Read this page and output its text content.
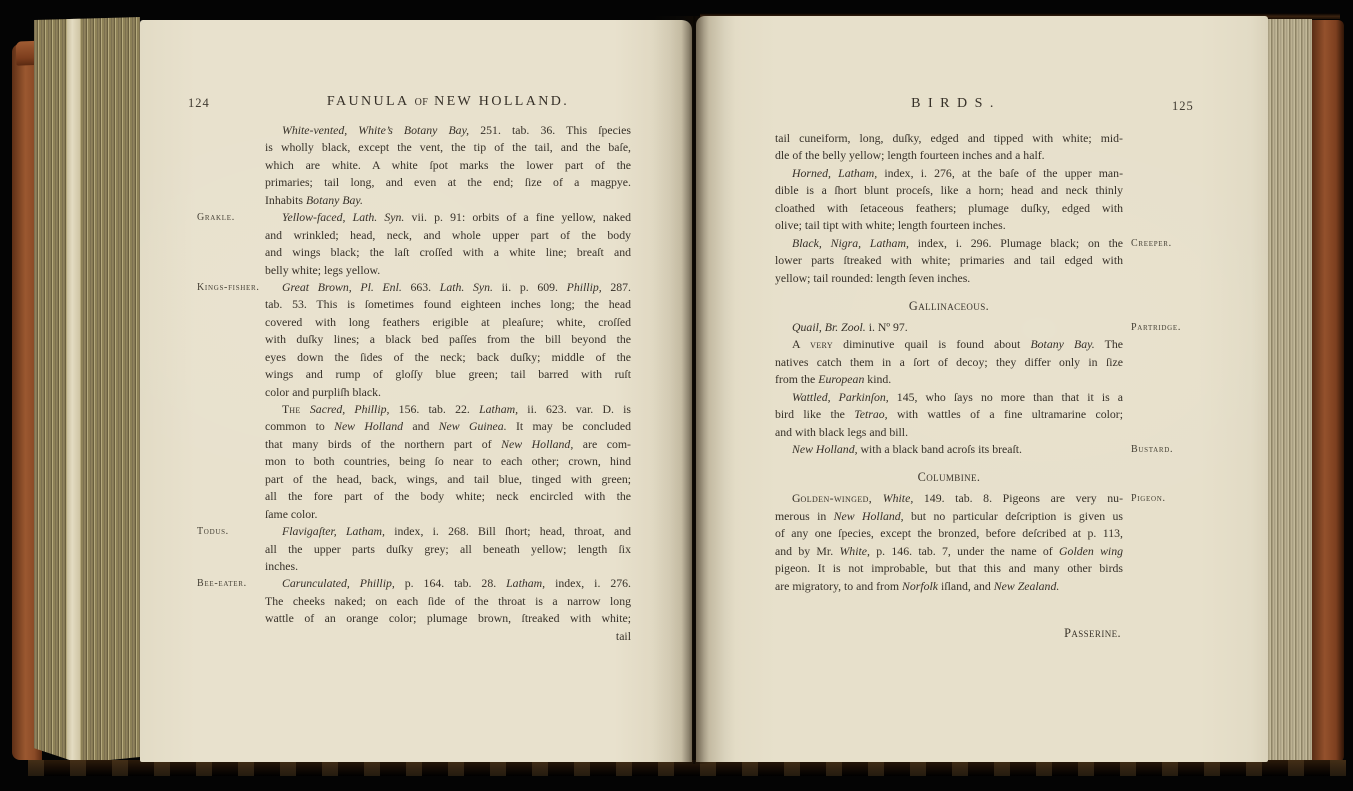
124	FAUNULA of NEW HOLLAND.
White-vented, White’s Botany Bay, 251. tab. 36. This ſpecies
is wholly black, except the vent, the tip of the tail, and the baſe,
which are white. A white ſpot marks the lower part of the
primaries; tail long, and even at the end; ſize of a magpye.
Inhabits Botany Bay.
Grakle.	Yellow-faced, Lath. Syn. vii. p. 91: orbits of a fine yellow, naked
and wrinkled; head, neck, and whole upper part of the body
and wings black; the laſt croſſed with a white line; breaſt and
belly white; legs yellow.
Kings-fisher.	Great Brown, Pl. Enl. 663. Lath. Syn. ii. p. 609. Phillip, 287.
tab. 53. This is ſometimes found eighteen inches long; the head
covered with long feathers erigible at pleaſure; white, croſſed
with duſky lines; a black bed paſſes from the bill beyond the
eyes down the ſides of the neck; back duſky; middle of the
wings and rump of gloſſy blue green; tail barred with ruſt
color and purpliſh black.
The Sacred, Phillip, 156. tab. 22. Latham, ii. 623. var. D. is
common to New Holland and New Guinea. It may be concluded
that many birds of the northern part of New Holland, are com-
mon to both countries, being ſo near to each other; crown, hind
part of the head, back, wings, and tail blue, tinged with green;
all the fore part of the body white; neck encircled with the
ſame color.
Todus.	Flavigaſter, Latham, index, i. 268. Bill ſhort; head, throat, and
all the upper parts duſky grey; all beneath yellow; length ſix
inches.
Bee-eater.	Carunculated, Phillip, p. 164. tab. 28. Latham, index, i. 276.
The cheeks naked; on each ſide of the throat is a narrow long
wattle of an orange color; plumage brown, ſtreaked with white;
tail
125
BIRDS.
tail cuneiform, long, duſky, edged and tipped with white; mid-
dle of the belly yellow; length fourteen inches and a half.
Horned, Latham, index, i. 276, at the baſe of the upper man-
dible is a ſhort blunt proceſs, like a horn; head and neck thinly
cloathed with ſetaceous feathers; plumage duſky, edged with
olive; tail tipt with white; length fourteen inches.
Creeper.
Black, Nigra, Latham, index, i. 296. Plumage black; on the
lower parts ſtreaked with white; primaries and tail edged with
yellow; tail rounded: length ſeven inches.
Gallinaceous.
Partridge.
Quail, Br. Zool. i. Nº 97.
A very diminutive quail is found about Botany Bay. The
natives catch them in a ſort of decoy; they differ only in ſize
from the European kind.
Wattled, Parkinſon, 145, who ſays no more than that it is a
bird like the Tetrao, with wattles of a fine ultramarine color;
and with black legs and bill.
Bustard.
New Holland, with a black band acroſs its breaſt.
Columbine.
Pigeon.
Golden-winged, White, 149. tab. 8. Pigeons are very nu-
merous in New Holland, but no particular deſcription is given us
of any one ſpecies, except the bronzed, before deſcribed at p. 113,
and by Mr. White, p. 146. tab. 7, under the name of Golden wing
pigeon. It is not improbable, but that this and many other birds
are migratory, to and from Norfolk iſland, and New Zealand.
Passerine.
